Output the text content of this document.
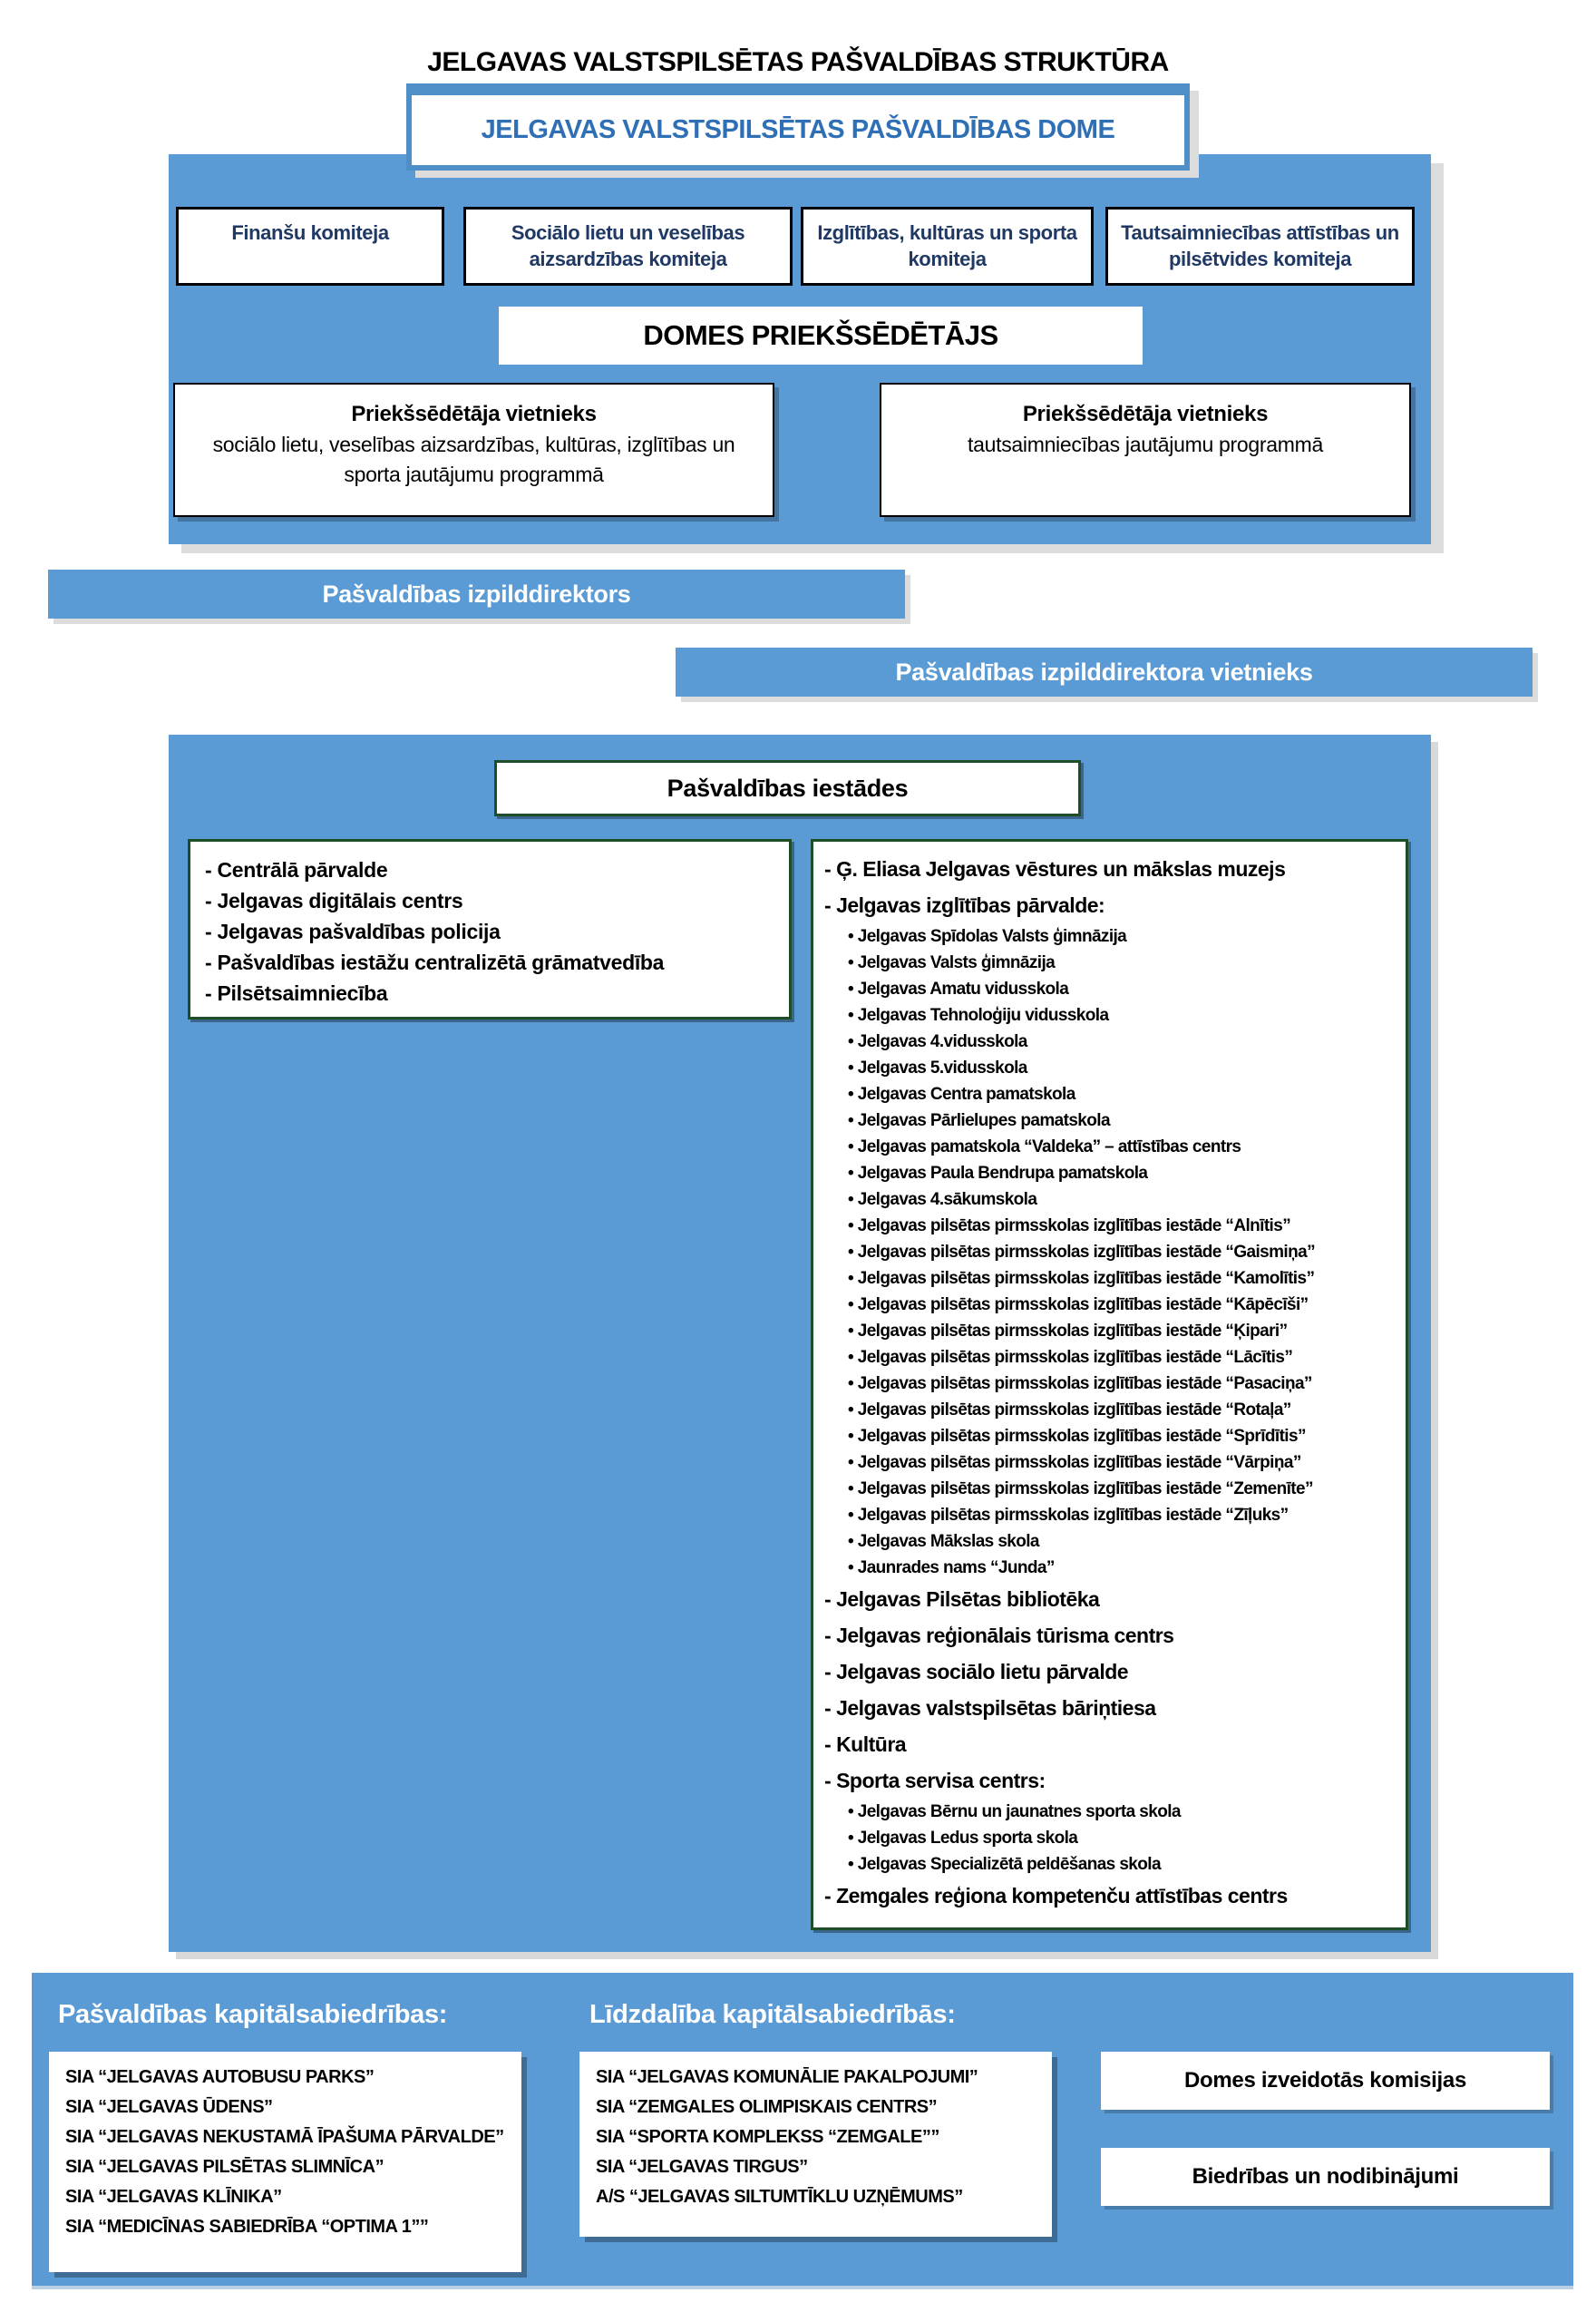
JELGAVAS VALSTSPILSĒTAS PAŠVALDĪBAS STRUKTŪRA
JELGAVAS VALSTSPILSĒTAS PAŠVALDĪBAS DOME
Finanšu komiteja	Sociālo lietu un veselības aizsardzības komiteja
Izglītības, kultūras un sporta komiteja
Tautsaimniecības attīstības un pilsētvides komiteja
DOMES PRIEKŠSĒDĒTĀJS
Priekšsēdētāja vietnieks
sociālo lietu, veselības aizsardzības, kultūras, izglītības un sporta jautājumu programmā
Priekšsēdētāja vietnieks
tautsaimniecības jautājumu programmā
Pašvaldības izpilddirektors
Pašvaldības izpilddirektora vietnieks
Pašvaldības iestādes
- Centrālā pārvalde
- Jelgavas digitālais centrs
- Jelgavas pašvaldības policija
- Pašvaldības iestāžu centralizētā grāmatvedība
- Pilsētsaimniecība
- Ģ. Eliasa Jelgavas vēstures un mākslas muzejs
- Jelgavas izglītības pārvalde:
• Jelgavas Spīdolas Valsts ģimnāzija
• Jelgavas Valsts ģimnāzija
• Jelgavas Amatu vidusskola
• Jelgavas Tehnoloģiju vidusskola
• Jelgavas 4.vidusskola
• Jelgavas 5.vidusskola
• Jelgavas Centra pamatskola
• Jelgavas Pārlielupes pamatskola
• Jelgavas pamatskola “Valdeka” – attīstības centrs
• Jelgavas Paula Bendrupa pamatskola
• Jelgavas 4.sākumskola
• Jelgavas pilsētas pirmsskolas izglītības iestāde “Alnītis”
• Jelgavas pilsētas pirmsskolas izglītības iestāde “Gaismiņa”
• Jelgavas pilsētas pirmsskolas izglītības iestāde “Kamolītis”
• Jelgavas pilsētas pirmsskolas izglītības iestāde “Kāpēcīši”
• Jelgavas pilsētas pirmsskolas izglītības iestāde “Ķipari”
• Jelgavas pilsētas pirmsskolas izglītības iestāde “Lācītis”
• Jelgavas pilsētas pirmsskolas izglītības iestāde “Pasaciņa”
• Jelgavas pilsētas pirmsskolas izglītības iestāde “Rotaļa”
• Jelgavas pilsētas pirmsskolas izglītības iestāde “Sprīdītis”
• Jelgavas pilsētas pirmsskolas izglītības iestāde “Vārpiņa”
• Jelgavas pilsētas pirmsskolas izglītības iestāde “Zemenīte”
• Jelgavas pilsētas pirmsskolas izglītības iestāde “Zīļuks”
• Jelgavas Mākslas skola
• Jaunrades nams “Junda”
- Jelgavas Pilsētas bibliotēka
- Jelgavas reģionālais tūrisma centrs
- Jelgavas sociālo lietu pārvalde
- Jelgavas valstspilsētas bāriņtiesa
- Kultūra
- Sporta servisa centrs:
• Jelgavas Bērnu un jaunatnes sporta skola
• Jelgavas Ledus sporta skola
• Jelgavas Specializētā peldēšanas skola
- Zemgales reģiona kompetenču attīstības centrs
Pašvaldības kapitālsabiedrības:
SIA “JELGAVAS AUTOBUSU PARKS”
SIA “JELGAVAS ŪDENS”
SIA “JELGAVAS NEKUSTAMĀ ĪPAŠUMA PĀRVALDE”
SIA “JELGAVAS PILSĒTAS SLIMNĪCA”
SIA “JELGAVAS KLĪNIKA”
SIA “MEDICĪNAS SABIEDRĪBA “OPTIMA 1””
Līdzdalība kapitālsabiedrībās:
SIA “JELGAVAS KOMUNĀLIE PAKALPOJUMI”
SIA “ZEMGALES OLIMPISKAIS CENTRS”
SIA “SPORTA KOMPLEKSS “ZEMGALE””
SIA “JELGAVAS TIRGUS”
A/S “JELGAVAS SILTUMTĪKLU UZŅĒMUMS”
Domes izveidotās komisijas
Biedrības un nodibinājumi
